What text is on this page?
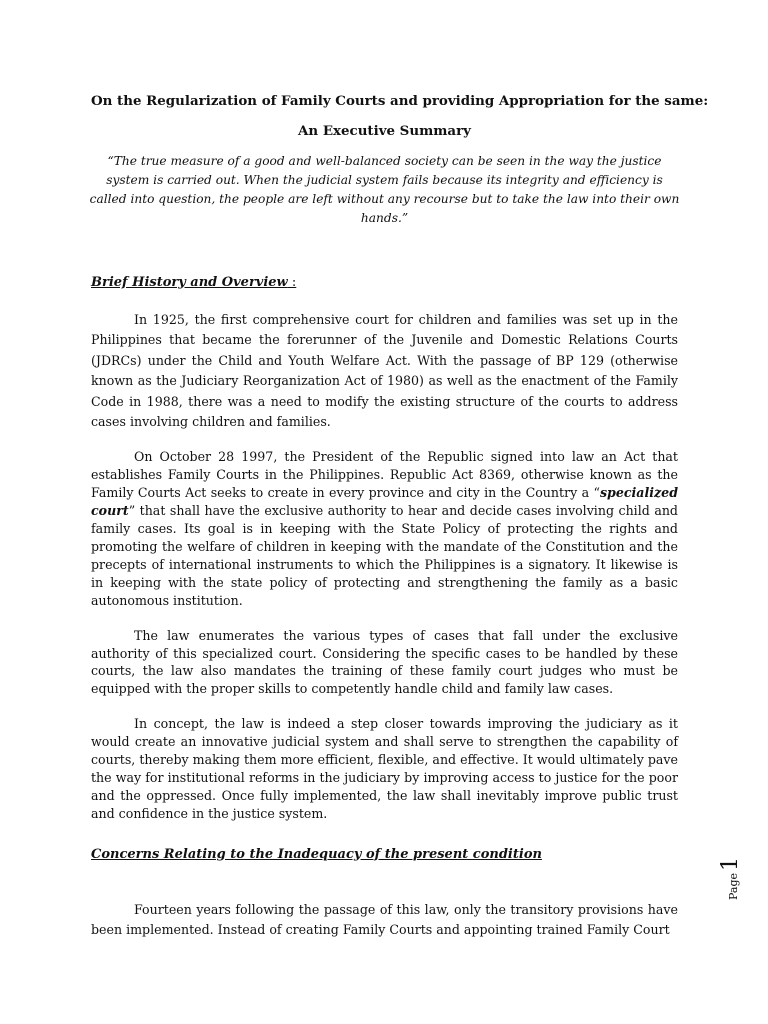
On the Regularization of Family Courts and providing Appropriation for the same:

An Executive Summary

“The true measure of a good and well-balanced society can be seen in the way the justice system is carried out. When the judicial system fails because its integrity and efficiency is called into question, the people are left without any recourse but to take the law into their own hands.”

Brief History and Overview :

In 1925, the first comprehensive court for children and families was set up in the Philippines that became the forerunner of the Juvenile and Domestic Relations Courts (JDRCs) under the Child and Youth Welfare Act. With the passage of BP 129 (otherwise known as the Judiciary Reorganization Act of 1980) as well as the enactment of the Family Code in 1988, there was a need to modify the existing structure of the courts to address cases involving children and families.

On October 28 1997, the President of the Republic signed into law an Act that establishes Family Courts in the Philippines. Republic Act 8369, otherwise known as the Family Courts Act seeks to create in every province and city in the Country a “specialized court” that shall have the exclusive authority to hear and decide cases involving child and family cases. Its goal is in keeping with the State Policy of protecting the rights and promoting the welfare of children in keeping with the mandate of the Constitution and the precepts of international instruments to which the Philippines is a signatory. It likewise is in keeping with the state policy of protecting and strengthening the family as a basic autonomous institution.

The law enumerates the various types of cases that fall under the exclusive authority of this specialized court. Considering the specific cases to be handled by these courts, the law also mandates the training of these family court judges who must be equipped with the proper skills to competently handle child and family law cases.

In concept, the law is indeed a step closer towards improving the judiciary as it would create an innovative judicial system and shall serve to strengthen the capability of courts, thereby making them more efficient, flexible, and effective. It would ultimately pave the way for institutional reforms in the judiciary by improving access to justice for the poor and the oppressed. Once fully implemented, the law shall inevitably improve public trust and confidence in the justice system.

Concerns Relating to the Inadequacy of the present condition

Fourteen years following the passage of this law, only the transitory provisions have been implemented. Instead of creating Family Courts and appointing trained Family Court

Page1
